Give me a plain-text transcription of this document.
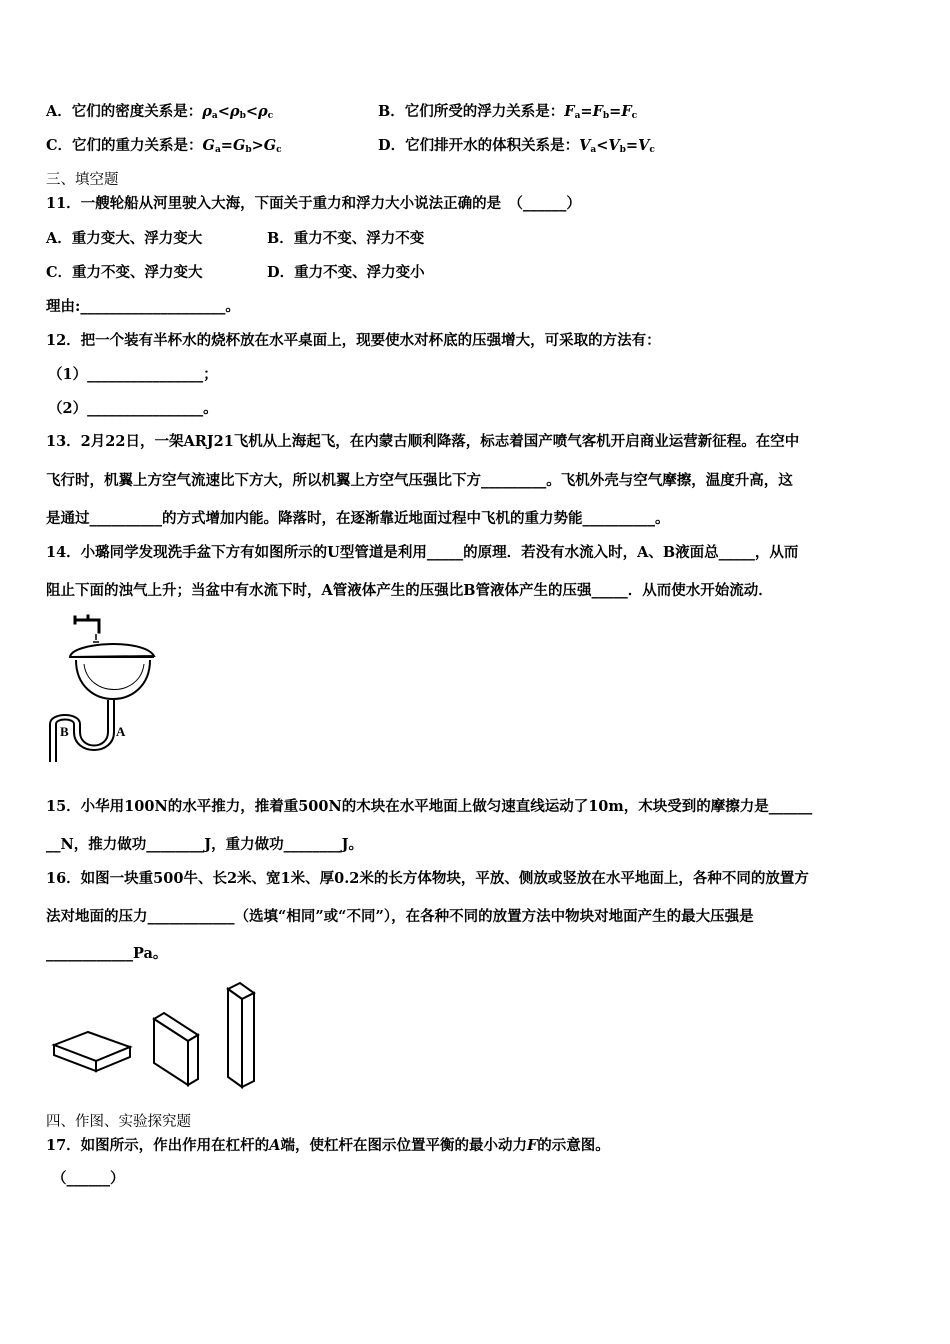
A．它们的密度关系是：$\rho_a<\rho_b<\rho_c$	B．它们所受的浮力关系是：$F_a=F_b=F_c$
C．它们的重力关系是：$G_a=G_b>G_c$	D．它们排开水的体积关系是：$V_a<V_b=V_c$
三、填空题
11．一艘轮船从河里驶入大海，下面关于重力和浮力大小说法正确的是　（______）
A．重力变大、浮力变大	B．重力不变、浮力不变
C．重力不变、浮力变大	D．重力不变、浮力变小
理由:____________________。
12．把一个装有半杯水的烧杯放在水平桌面上，现要使水对杯底的压强增大，可采取的方法有：
（1）________________；
（2）________________。
13．2月22日，一架ARJ21飞机从上海起飞，在内蒙古顺利降落，标志着国产喷气客机开启商业运营新征程。在空中
飞行时，机翼上方空气流速比下方大，所以机翼上方空气压强比下方_________。飞机外壳与空气摩擦，温度升高，这
是通过__________的方式增加内能。降落时，在逐渐靠近地面过程中飞机的重力势能__________。
14．小璐同学发现洗手盆下方有如图所示的U型管道是利用_____的原理．若没有水流入时，A、B液面总_____，从而
阻止下面的浊气上升；当盆中有水流下时，A管液体产生的压强比B管液体产生的压强_____．从而使水开始流动．
B	A
15．小华用100N的水平推力，推着重500N的木块在水平地面上做匀速直线运动了10m，木块受到的摩擦力是______
__N，推力做功________J，重力做功________J。
16．如图一块重500牛、长2米、宽1米、厚0.2米的长方体物块，平放、侧放或竖放在水平地面上，各种不同的放置方
法对地面的压力____________（选填“相同”或“不同”），在各种不同的放置方法中物块对地面产生的最大压强是
____________Pa。
四、作图、实验探究题
17．如图所示，作出作用在杠杆的A端，使杠杆在图示位置平衡的最小动力F的示意图。
（______）
